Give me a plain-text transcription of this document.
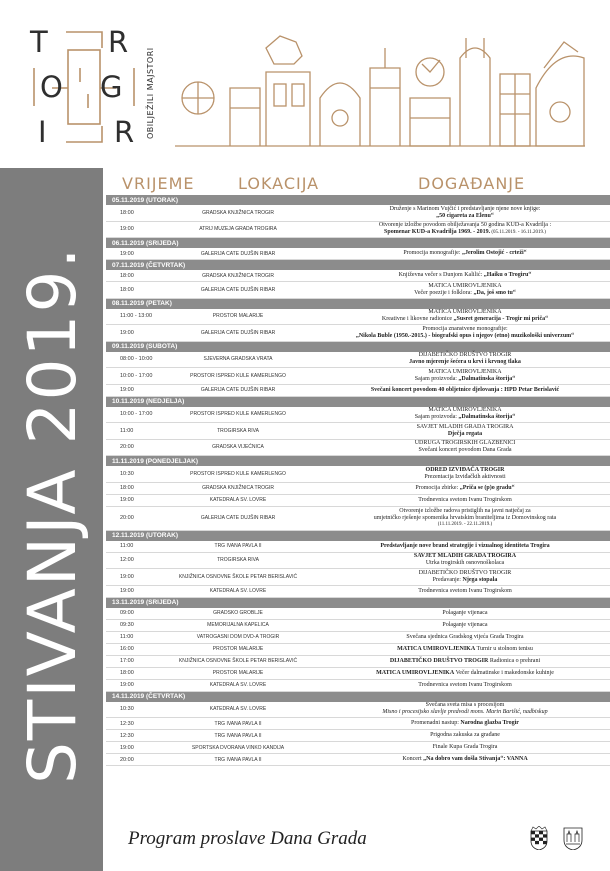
T R
O G
I R OBILJEŽILI MAJSTORI
STIVANJA 2019.
VRIJEME	LOKACIJA	DOGAĐANJE
05.11.2019 (UTORAK)
18:00	GRADSKA KNJIŽNICA TROGIR
Druženje s Marinom Vujčić i predstavljanje njene nove knjige:
„50 cigareta za Elenu“
19:00	ATRIJ MUZEJA GRADA TROGIRA
Otvorenje izložbe povodom obilježavanja 50 godina KUD-a Kvadrilja :
Spomenar KUD-a Kvadrilja 1969. - 2019. (05.11.2019. - 16.11.2019.)
06.11.2019 (SRIJEDA)
19:00	GALERIJA CATE DUJŠIN RIBAR	Promocija monografije: „Jerolim Ostojić - crteži“
07.11.2019 (ČETVRTAK)
18:00	GRADSKA KNJIŽNICA TROGIR	Književna večer s Dunjom Kalilić: „Haiku o Trogiru“
18:00	GALERIJA CATE DUJŠIN RIBAR
MATICA UMIROVLJENIKA
Večer poezije i folklora: „Da, još smo tu“
08.11.2019 (PETAK)
11:00 - 13:00	PROSTOR MALARIJE
MATICA UMIROVLJENIKA
Kreativne i likovne radionice „Susret generacija - Trogir mi priča“
19:00	GALERIJA CATE DUJŠIN RIBAR
Promocija znanstvene monografije:
„Nikola Buble (1950.-2015.) - biografski opus i njegov (etno) muzikološki univerzum“
09.11.2019 (SUBOTA)
08:00 - 10:00	SJEVERNA GRADSKA VRATA
DIJABETIČKO DRUŠTVO TROGIR
Javno mjerenje šećera u krvi i krvnog tlaka
10:00 - 17:00	PROSTOR ISPRED KULE KAMERLENGO
MATICA UMIROVLJENIKA
Sajam proizvoda: „Dalmatinska štorija“
19:00	GALERIJA CATE DUJŠIN RIBAR	Svečani koncert povodom 40 obljetnice djelovanja : HPD Petar Berislavić
10.11.2019 (NEDJELJA)
10:00 - 17:00	PROSTOR ISPRED KULE KAMERLENGO
MATICA UMIROVLJENIKA
Sajam proizvoda: „Dalmatinska štorija“
11:00	TROGIRSKA RIVA
SAVJET MLADIH GRADA TROGIRA
Dječja regata
20:00	GRADSKA VIJEĆNICA
UDRUGA TROGIRSKIH GLAZBENICI
Svečani koncert povodom Dana Grada
11.11.2019 (PONEDJELJAK)
10:30	PROSTOR ISPRED KULE KAMERLENGO
ODRED IZVIĐAČA TROGIR
Prezentacija Izviđačkih aktivnosti
18:00	GRADSKA KNJIŽNICA TROGIR	Promocija zbirke: „Priča se (p)o gradu“
19:00	KATEDRALA SV. LOVRE	Trodnevnica svetom Ivanu Trogirskom
20:00	GALERIJA CATE DUJŠIN RIBAR
Otvorenje izložbe radova pristiglih na javni natječaj za
umjetničko rješenje spomenika hrvatskim braniteljima iz Domovinskog rata
(11.11.2019. - 22.11.2019.)
12.11.2019 (UTORAK)
11:00	TRG IVANA PAVLA II	Predstavljanje nove brand strategije i vizualnog identiteta Trogira
12:00	TROGIRSKA RIVA
SAVJET MLADIH GRADA TROGIRA
Utrka trogirskih osnovnoškolaca
19:00	KNJIŽNICA OSNOVNE ŠKOLE PETAR BERISLAVIĆ
DIJABETIČKO DRUŠTVO TROGIR
Predavanje: Njega stopala
19:00	KATEDRALA SV. LOVRE	Trodnevnica svetom Ivanu Trogirskom
13.11.2019 (SRIJEDA)
09:00	GRADSKO GROBLJE	Polaganje vijenaca
09:30	MEMORIJALNA KAPELICA	Polaganje vijenaca
11:00	VATROGASNI DOM DVD-A TROGIR	Svečana sjednica Gradskog vijeća Grada Trogira
16:00	PROSTOR MALARIJE	MATICA UMIROVLJENIKA Turnir u stolnom tenisu
17:00	KNJIŽNICA OSNOVNE ŠKOLE PETAR BERISLAVIĆ	DIJABETIČKO DRUŠTVO TROGIR Radionica o prehrani
18:00	PROSTOR MALARIJE	MATICA UMIROVLJENIKA Večer dalmatinske i makedonske kuhinje
19:00	KATEDRALA SV. LOVRE	Trodnevnica svetom Ivanu Trogirskom
14.11.2019 (ČETVRTAK)
10:30	KATEDRALA SV. LOVRE
Svečana sveta misa s procesijom
Misno i procesijsko slavlje predvodi mons. Marin Barišić, nadbiskup
12:30	TRG IVANA PAVLA II	Promenadni nastup: Narodna glazba Trogir
12:30	TRG IVANA PAVLA II	Prigodna zakuska za građane
19:00	SPORTSKA DVORANA VINKO KANDIJA	Finale Kupa Grada Trogira
20:00	TRG IVANA PAVLA II	Koncert „Na dobro vam došla Stivanja“: VANNA
Program proslave Dana Grada
